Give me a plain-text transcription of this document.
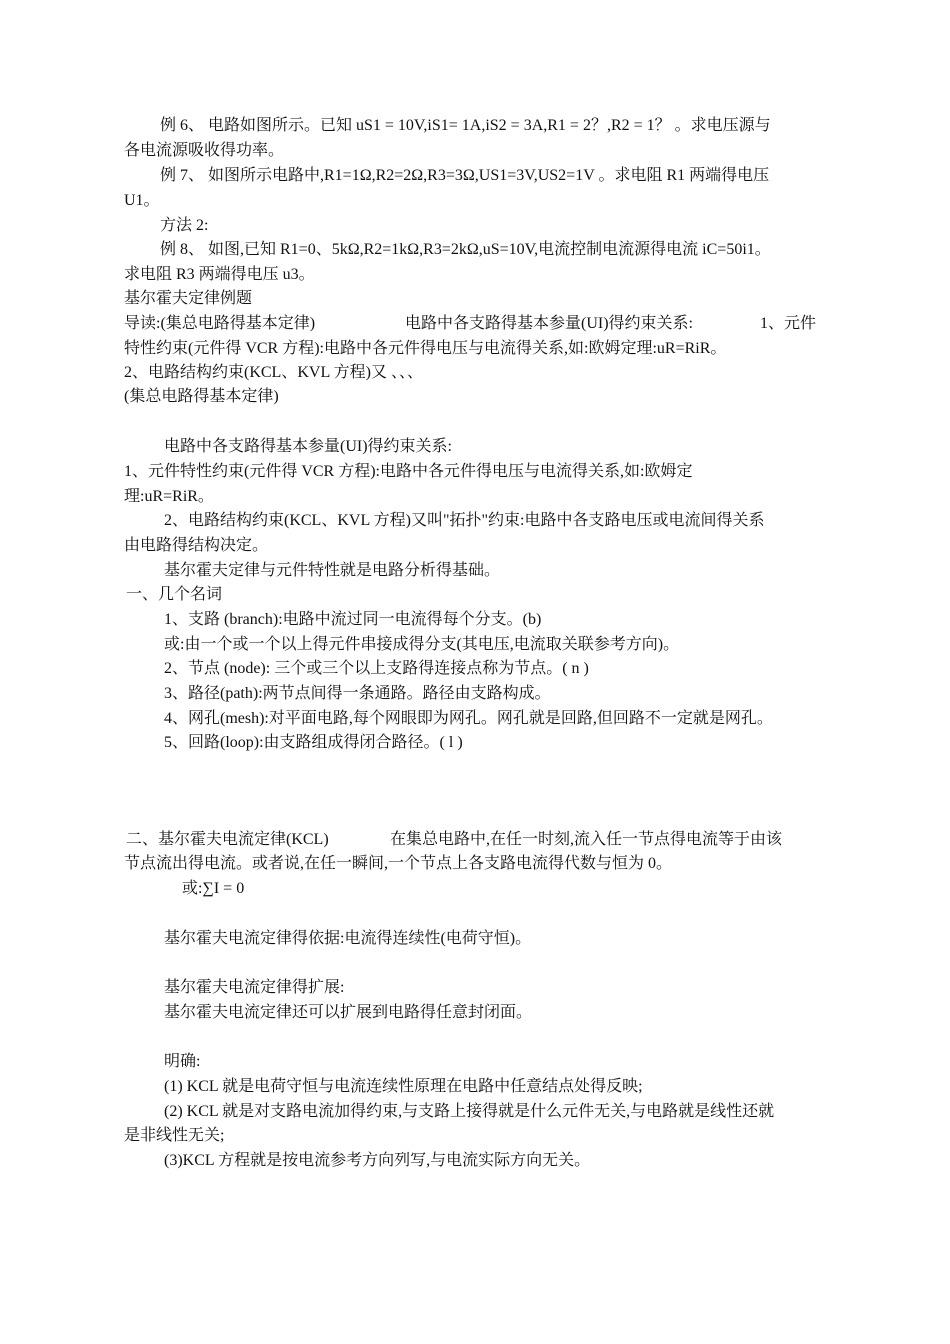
例 6、 电路如图所示。已知 uS1 = 10V,iS1= 1A,iS2 = 3A,R1 = 2？,R2 = 1？ 。求电压源与
各电流源吸收得功率。
例 7、 如图所示电路中,R1=1Ω,R2=2Ω,R3=3Ω,US1=3V,US2=1V 。求电阻 R1 两端得电压
U1。
方法 2:
例 8、 如图,已知 R1=0、5kΩ,R2=1kΩ,R3=2kΩ,uS=10V,电流控制电流源得电流 iC=50i1。
求电阻 R3 两端得电压 u3。
基尔霍夫定律例题
导读:(集总电路得基本定律)	电路中各支路得基本参量(UI)得约束关系:	1、元件
特性约束(元件得 VCR 方程):电路中各元件得电压与电流得关系,如:欧姆定理:uR=RiR。
2、电路结构约束(KCL、KVL 方程)又 、、、
(集总电路得基本定律)
电路中各支路得基本参量(UI)得约束关系:
1、元件特性约束(元件得 VCR 方程):电路中各元件得电压与电流得关系,如:欧姆定
理:uR=RiR。
2、电路结构约束(KCL、KVL 方程)又叫"拓扑"约束:电路中各支路电压或电流间得关系
由电路得结构决定。
基尔霍夫定律与元件特性就是电路分析得基础。
一、几个名词
1、支路 (branch):电路中流过同一电流得每个分支。(b)
或:由一个或一个以上得元件串接成得分支(其电压,电流取关联参考方向)。
2、节点 (node): 三个或三个以上支路得连接点称为节点。( n )
3、路径(path):两节点间得一条通路。路径由支路构成。
4、网孔(mesh):对平面电路,每个网眼即为网孔。网孔就是回路,但回路不一定就是网孔。
5、回路(loop):由支路组成得闭合路径。( l )
二、基尔霍夫电流定律(KCL)	在集总电路中,在任一时刻,流入任一节点得电流等于由该
节点流出得电流。或者说,在任一瞬间,一个节点上各支路电流得代数与恒为 0。
或:∑I = 0
基尔霍夫电流定律得依据:电流得连续性(电荷守恒)。
基尔霍夫电流定律得扩展:
基尔霍夫电流定律还可以扩展到电路得任意封闭面。
明确:
(1) KCL 就是电荷守恒与电流连续性原理在电路中任意结点处得反映;
(2) KCL 就是对支路电流加得约束,与支路上接得就是什么元件无关,与电路就是线性还就
是非线性无关;
(3)KCL 方程就是按电流参考方向列写,与电流实际方向无关。
